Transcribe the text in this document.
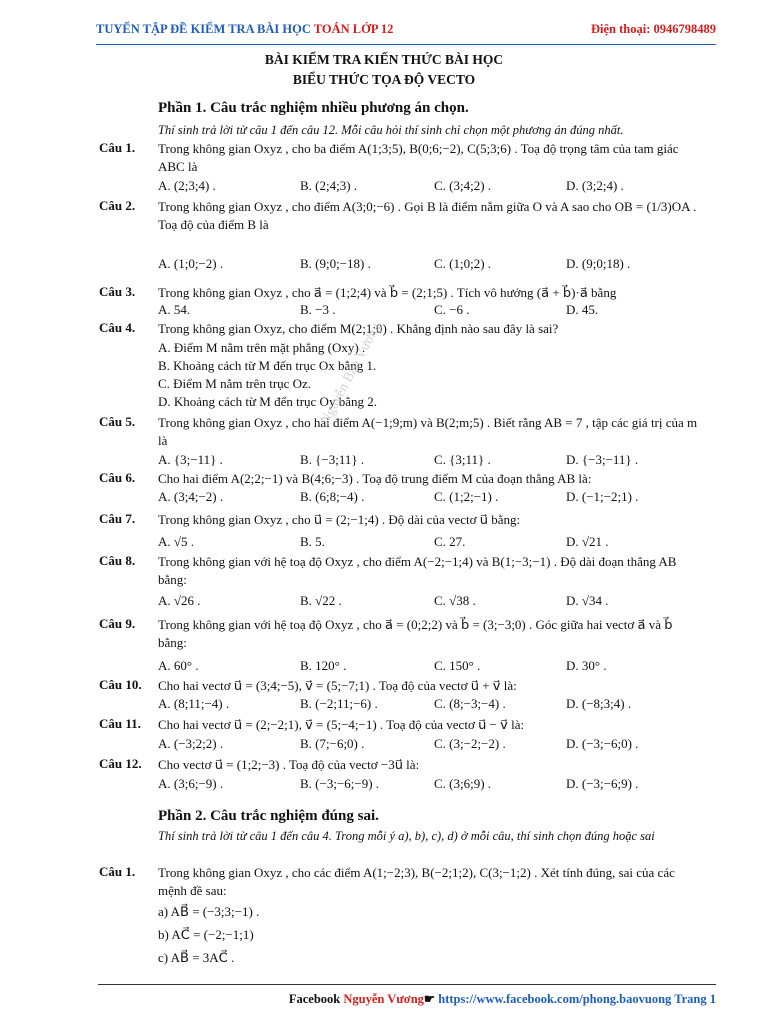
TUYỂN TẬP ĐỀ KIỂM TRA BÀI HỌC TOÁN LỚP 12	Điện thoại: 0946798489
BÀI KIỂM TRA KIẾN THỨC BÀI HỌC
BIỂU THỨC TỌA ĐỘ VECTO
Phần 1. Câu trắc nghiệm nhiều phương án chọn.
Thí sinh trả lời từ câu 1 đến câu 12. Mỗi câu hỏi thí sinh chỉ chọn một phương án đúng nhất.
Câu 1. Trong không gian Oxyz , cho ba điểm A(1;3;5), B(0;6;−2), C(5;3;6) . Toạ độ trọng tâm của tam giác ABC là
A. (2;3;4) .	B. (2;4;3) .	C. (3;4;2) .	D. (3;2;4) .
Câu 2. Trong không gian Oxyz , cho điểm A(3;0;−6) . Gọi B là điểm nằm giữa O và A sao cho OB = (1/3)OA . Toạ độ của điểm B là
A. (1;0;−2) .	B. (9;0;−18) .	C. (1;0;2) .	D. (9;0;18) .
Câu 3. Trong không gian Oxyz , cho a⃗ = (1;2;4) và b⃗ = (2;1;5) . Tích vô hướng (a⃗ + b⃗)·a⃗ bằng
A. 54.	B. −3 .	C. −6 .	D. 45.
Câu 4. Trong không gian Oxyz, cho điểm M(2;1;0) . Khẳng định nào sau đây là sai?
A. Điểm M nằm trên mặt phẳng (Oxy) .
B. Khoảng cách từ M đến trục Ox bằng 1.
C. Điểm M nằm trên trục Oz.
D. Khoảng cách từ M đến trục Oy bằng 2.
Câu 5. Trong không gian Oxyz , cho hai điểm A(−1;9;m) và B(2;m;5) . Biết rằng AB = 7 , tập các giá trị của m là
A. {3;−11} .	B. {−3;11} .	C. {3;11} .	D. {−3;−11} .
Câu 6. Cho hai điểm A(2;2;−1) và B(4;6;−3) . Toạ độ trung điểm M của đoạn thẳng AB là:
A. (3;4;−2) .	B. (6;8;−4) .	C. (1;2;−1) .	D. (−1;−2;1) .
Câu 7. Trong không gian Oxyz , cho u⃗ = (2;−1;4) . Độ dài của vectơ u⃗ bằng:
A. √5 .	B. 5.	C. 27.	D. √21 .
Câu 8. Trong không gian với hệ toạ độ Oxyz , cho điểm A(−2;−1;4) và B(1;−3;−1) . Độ dài đoạn thẳng AB bằng:
A. √26 .	B. √22 .	C. √38 .	D. √34 .
Câu 9. Trong không gian với hệ toạ độ Oxyz , cho a⃗ = (0;2;2) và b⃗ = (3;−3;0) . Góc giữa hai vectơ a⃗ và b⃗ bằng:
A. 60° .	B. 120° .	C. 150° .	D. 30° .
Câu 10. Cho hai vectơ u⃗ = (3;4;−5), v⃗ = (5;−7;1) . Toạ độ của vectơ u⃗ + v⃗ là:
A. (8;11;−4) .	B. (−2;11;−6) .	C. (8;−3;−4) .	D. (−8;3;4) .
Câu 11. Cho hai vectơ u⃗ = (2;−2;1), v⃗ = (5;−4;−1) . Toạ độ của vectơ u⃗ − v⃗ là:
A. (−3;2;2) .	B. (7;−6;0) .	C. (3;−2;−2) .	D. (−3;−6;0) .
Câu 12. Cho vectơ u⃗ = (1;2;−3) . Toạ độ của vectơ −3u⃗ là:
A. (3;6;−9) .	B. (−3;−6;−9) .	C. (3;6;9) .	D. (−3;−6;9) .
Phần 2. Câu trắc nghiệm đúng sai.
Thí sinh trả lời từ câu 1 đến câu 4. Trong mỗi ý a), b), c), d) ở mỗi câu, thí sinh chọn đúng hoặc sai
Câu 1. Trong không gian Oxyz , cho các điểm A(1;−2;3), B(−2;1;2), C(3;−1;2) . Xét tính đúng, sai của các mệnh đề sau:
a) AB⃗ = (−3;3;−1) .
b) AC⃗ = (−2;−1;1)
c) AB⃗ = 3AC⃗ .
Nguyễn Bảo Vương
Facebook Nguyễn Vương☛ https://www.facebook.com/phong.baovuong Trang 1
